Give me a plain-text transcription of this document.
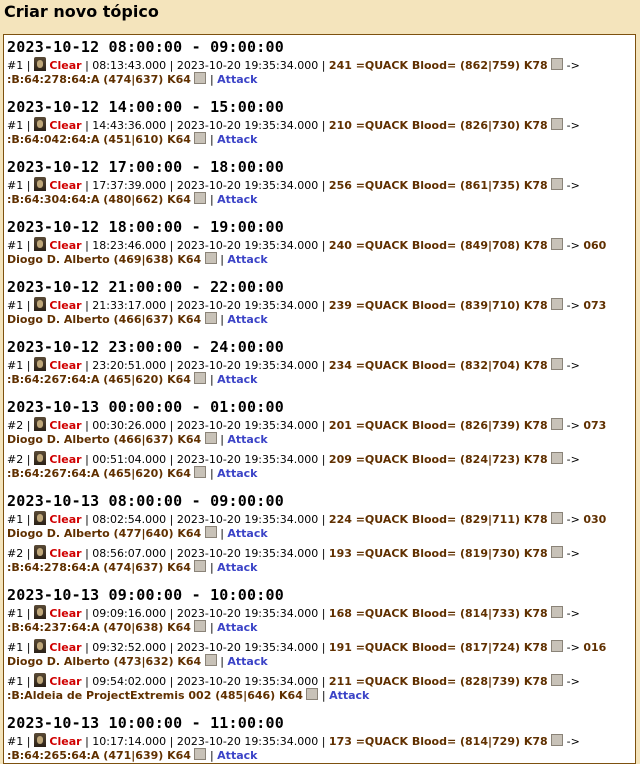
Criar novo tópico
2023-10-12 08:00:00 - 09:00:00
#1 |  Clear | 08:13:43.000 | 2023-10-20 19:35:34.000 | 241 =QUACK Blood= (862|759) K78 -> :B:64:278:64:A (474|637) K64  | Attack
2023-10-12 14:00:00 - 15:00:00
#1 |  Clear | 14:43:36.000 | 2023-10-20 19:35:34.000 | 210 =QUACK Blood= (826|730) K78 -> :B:64:042:64:A (451|610) K64  | Attack
2023-10-12 17:00:00 - 18:00:00
#1 |  Clear | 17:37:39.000 | 2023-10-20 19:35:34.000 | 256 =QUACK Blood= (861|735) K78 -> :B:64:304:64:A (480|662) K64  | Attack
2023-10-12 18:00:00 - 19:00:00
#1 |  Clear | 18:23:46.000 | 2023-10-20 19:35:34.000 | 240 =QUACK Blood= (849|708) K78 -> 060 Diogo D. Alberto (469|638) K64  | Attack
2023-10-12 21:00:00 - 22:00:00
#1 |  Clear | 21:33:17.000 | 2023-10-20 19:35:34.000 | 239 =QUACK Blood= (839|710) K78 -> 073 Diogo D. Alberto (466|637) K64  | Attack
2023-10-12 23:00:00 - 24:00:00
#1 |  Clear | 23:20:51.000 | 2023-10-20 19:35:34.000 | 234 =QUACK Blood= (832|704) K78 -> :B:64:267:64:A (465|620) K64  | Attack
2023-10-13 00:00:00 - 01:00:00
#2 |  Clear | 00:30:26.000 | 2023-10-20 19:35:34.000 | 201 =QUACK Blood= (826|739) K78 -> 073 Diogo D. Alberto (466|637) K64  | Attack
#2 |  Clear | 00:51:04.000 | 2023-10-20 19:35:34.000 | 209 =QUACK Blood= (824|723) K78 -> :B:64:267:64:A (465|620) K64  | Attack
2023-10-13 08:00:00 - 09:00:00
#1 |  Clear | 08:02:54.000 | 2023-10-20 19:35:34.000 | 224 =QUACK Blood= (829|711) K78 -> 030 Diogo D. Alberto (477|640) K64  | Attack
#2 |  Clear | 08:56:07.000 | 2023-10-20 19:35:34.000 | 193 =QUACK Blood= (819|730) K78 -> :B:64:278:64:A (474|637) K64  | Attack
2023-10-13 09:00:00 - 10:00:00
#1 |  Clear | 09:09:16.000 | 2023-10-20 19:35:34.000 | 168 =QUACK Blood= (814|733) K78 -> :B:64:237:64:A (470|638) K64  | Attack
#1 |  Clear | 09:32:52.000 | 2023-10-20 19:35:34.000 | 191 =QUACK Blood= (817|724) K78 -> 016 Diogo D. Alberto (473|632) K64  | Attack
#1 |  Clear | 09:54:02.000 | 2023-10-20 19:35:34.000 | 211 =QUACK Blood= (828|739) K78 -> :B:Aldeia de ProjectExtremis 002 (485|646) K64  | Attack
2023-10-13 10:00:00 - 11:00:00
#1 |  Clear | 10:17:14.000 | 2023-10-20 19:35:34.000 | 173 =QUACK Blood= (814|729) K78 -> :B:64:265:64:A (471|639) K64  | Attack
